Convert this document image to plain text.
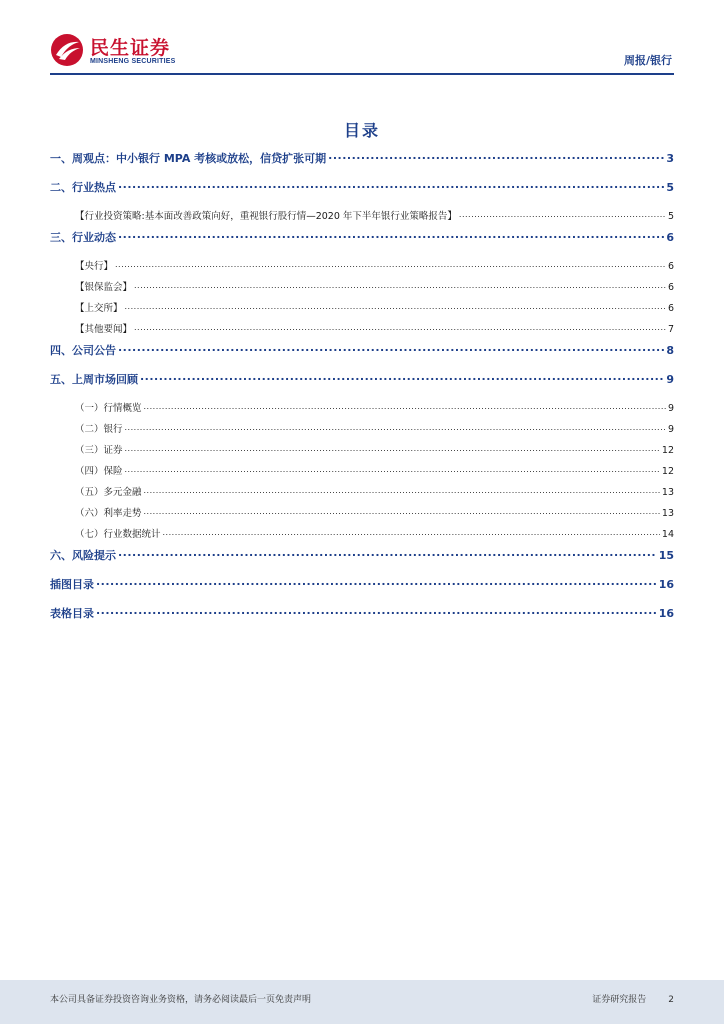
民生证券
MINSHENG SECURITIES	周报/银行
目录
一、周观点：中小银行 MPA 考核或放松，信贷扩张可期 .....	3
二、行业热点 .....	5
【行业投资策略:基本面改善政策向好，重视银行股行情—2020 年下半年银行业策略报告】 .....	5
三、行业动态 .....	6
【央行】 .....	6
【银保监会】 .....	6
【上交所】 .....	6
【其他要闻】 .....	7
四、公司公告 .....	8
五、上周市场回顾 .....	9
（一）行情概览 .....	9
（二）银行 .....	9
（三）证券 .....	12
（四）保险 .....	12
（五）多元金融 .....	13
（六）利率走势 .....	13
（七）行业数据统计 .....	14
六、风险提示 .....	15
插图目录 .....	16
表格目录 .....	16
本公司具备证券投资咨询业务资格，请务必阅读最后一页免责声明	证券研究报告 2
